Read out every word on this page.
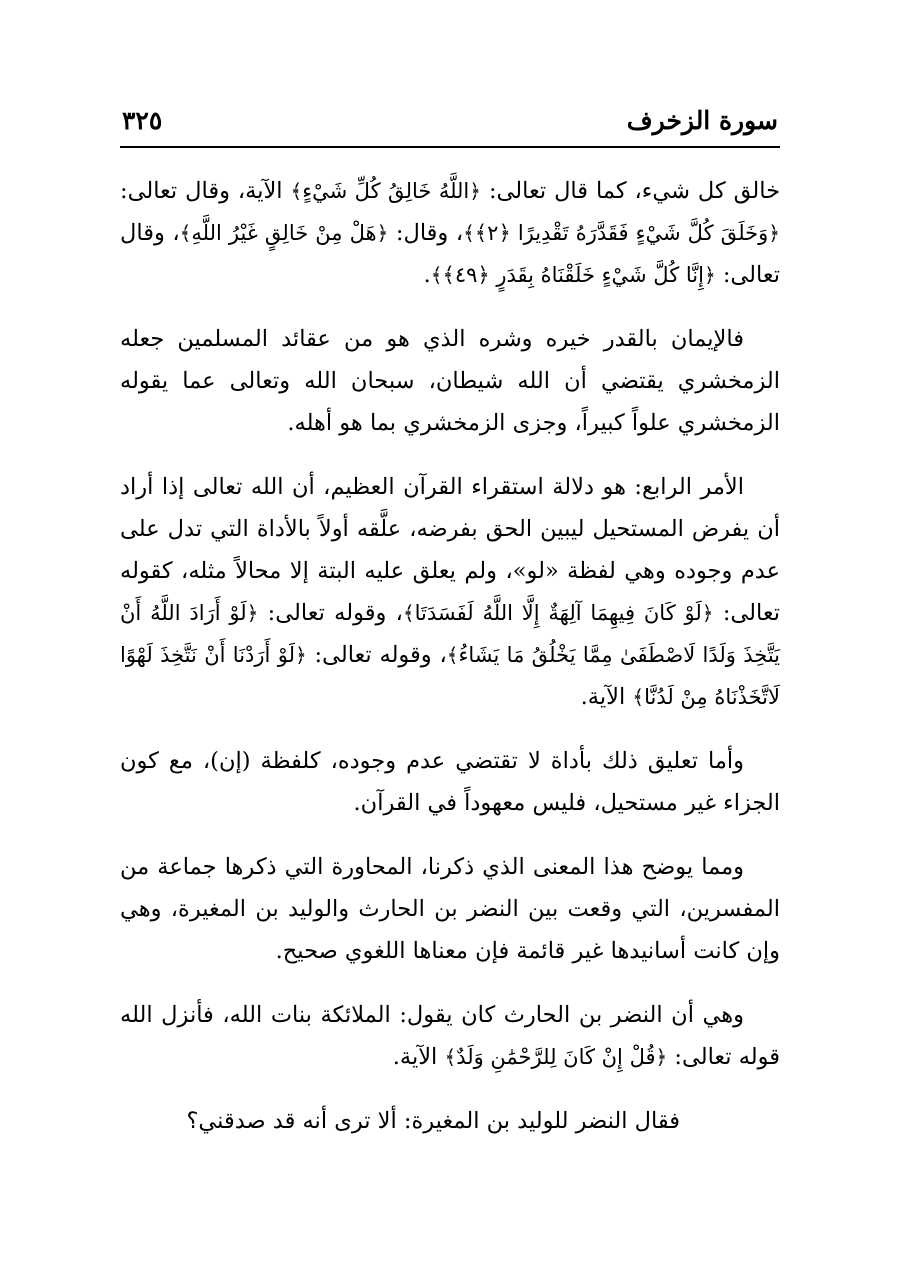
سورة الزخرف
٣٢٥

خالق كل شيء، كما قال تعالى: ﴿اللَّهُ خَالِقُ كُلِّ شَيْءٍ﴾ الآية، وقال تعالى: ﴿وَخَلَقَ كُلَّ شَيْءٍ فَقَدَّرَهُ تَقْدِيرًا ﴿٢﴾﴾، وقال: ﴿هَلْ مِنْ خَالِقٍ غَيْرُ اللَّهِ﴾، وقال تعالى: ﴿إِنَّا كُلَّ شَيْءٍ خَلَقْنَاهُ بِقَدَرٍ ﴿٤٩﴾﴾.

فالإيمان بالقدر خيره وشره الذي هو من عقائد المسلمين جعله الزمخشري يقتضي أن الله شيطان، سبحان الله وتعالى عما يقوله الزمخشري علواً كبيراً، وجزى الزمخشري بما هو أهله.

الأمر الرابع: هو دلالة استقراء القرآن العظيم، أن الله تعالى إذا أراد أن يفرض المستحيل ليبين الحق بفرضه، علَّقه أولاً بالأداة التي تدل على عدم وجوده وهي لفظة «لو»، ولم يعلق عليه البتة إلا محالاً مثله، كقوله تعالى: ﴿لَوْ كَانَ فِيهِمَا آلِهَةٌ إِلَّا اللَّهُ لَفَسَدَتَا﴾، وقوله تعالى: ﴿لَوْ أَرَادَ اللَّهُ أَنْ يَتَّخِذَ وَلَدًا لَاصْطَفَىٰ مِمَّا يَخْلُقُ مَا يَشَاءُ﴾، وقوله تعالى: ﴿لَوْ أَرَدْنَا أَنْ نَتَّخِذَ لَهْوًا لَاتَّخَذْنَاهُ مِنْ لَدُنَّا﴾ الآية.

وأما تعليق ذلك بأداة لا تقتضي عدم وجوده، كلفظة (إن)، مع كون الجزاء غير مستحيل، فليس معهوداً في القرآن.

ومما يوضح هذا المعنى الذي ذكرنا، المحاورة التي ذكرها جماعة من المفسرين، التي وقعت بين النضر بن الحارث والوليد بن المغيرة، وهي وإن كانت أسانيدها غير قائمة فإن معناها اللغوي صحيح.

وهي أن النضر بن الحارث كان يقول: الملائكة بنات الله، فأنزل الله قوله تعالى: ﴿قُلْ إِنْ كَانَ لِلرَّحْمَٰنِ وَلَدٌ﴾ الآية.

فقال النضر للوليد بن المغيرة: ألا ترى أنه قد صدقني؟
